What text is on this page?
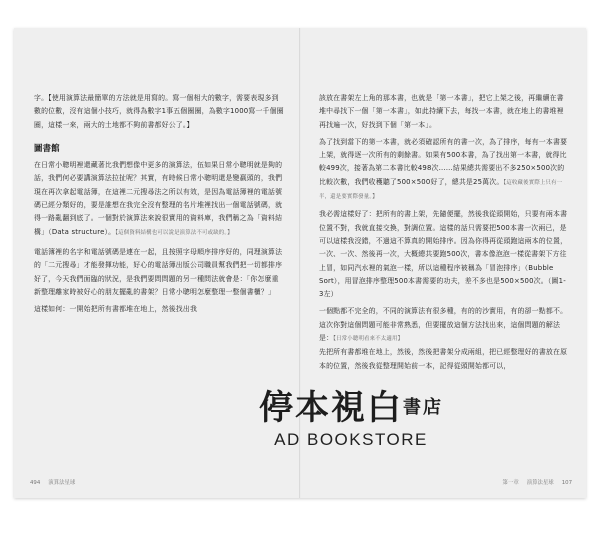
字。【使用演算法最簡單的方法就是用寫的。寫一個相大的數字，需要表現多到數的位數，沒有這個小技巧，就得為數字1事五個圈圈，為數字1000寫一千個圈圈，這樣一來，兩大的土地都不夠前書都好公了。】

圖書館

在日常小聰明裡還藏著比我們想像中更多的演算法，伍如果日常小聰明就是夠的話，我們何必要講演算法拉扯呢？其實，有時候日常小聰明還是變羸頭的，我們現在再次拿起電話簿，在這裡二元搜尋法之所以有效，是因為電話簿裡的電話號碼已經分類好的，要是誰想在我完全沒有整理的名片堆裡找出一個電話號碼，就得一路亂翻到底了。一個對於演算法來說很實用的資料庫，我們稱之為「資料結構」（Data structure）。【這個資料結構也可以說是演算法不可或缺的。】

電話簿裡的名字和電話號碼是連在一起，且按照字母順序排序好的，同理演算法的「二元搜尋」才能發揮功能，好心的電話簿出版公司職員幫我們把一切都排序好了，今天我們面臨的狀況，是我們要問問題的另一種問法就會是：「你怎麼重新整理離家時被好心的朋友擺亂的書架？日常小聰明怎麼整理一整個書櫃？」

這樣如何：一開始把所有書都堆在地上，然後找出我

494 演算法星球

該放在書架左上角的那本書，也就是「第一本書」，把它上架之後，再繼續在書堆中尋找下一個「第一本書」，如此持續下去，每找一本書，就在地上的書堆裡再找遍一次，好找到下個「第一本」。

為了找到當下的第一本書，就必須確認所有的書一次，為了排序，每有一本書要上架，就得逐一次所有的剩餘書。如果有500本書，為了找出第一本書，就得比較499次，接著為第二本書比較498次……結果總共需要出不多250×500次的比較次數，我們收穫聽了500×500好了，總共是25萬次。【這收藏後實際上只有一半，還是要實際發量。】

我必需這樣好了：把所有的書上架，先隨便擺，然後我從頭開始，只要有兩本書位置不對，我就直接交換，對調位置。這樣的話只需要把500本書一次兩已，是可以這樣我沒錯，不過這不算真的開始排序。因為你得再從頭跑這兩本的位置，一次、一次、然後再一次，大概總共要跑500次，書本像泡泡一樣從書架下方往上冒，如同汽水裡的氣泡一樣，所以這種程序被稱為「冒泡排序」（Bubble Sort），用冒泡排序整理500本書需要的功夫，差不多也是500×500次。（圖1-3左）

一個點都不完全的，不同的演算法有很多種，有的的沙實用，有的卻一點都不。這次你對這個問題可能非常熟悉，但要擺放這個方法找出來，這個問題的解法是：【日常小聰明看來不太適用】

先把所有書都堆在地上，然後，然後把書架分成兩組，把已經整理好的書放在原本的位置，然後我從整理開始前一本，記得從頭開始都可以，

第一章 演算法星球 107
停本視白$^{書店}$
AD BOOKSTORE
